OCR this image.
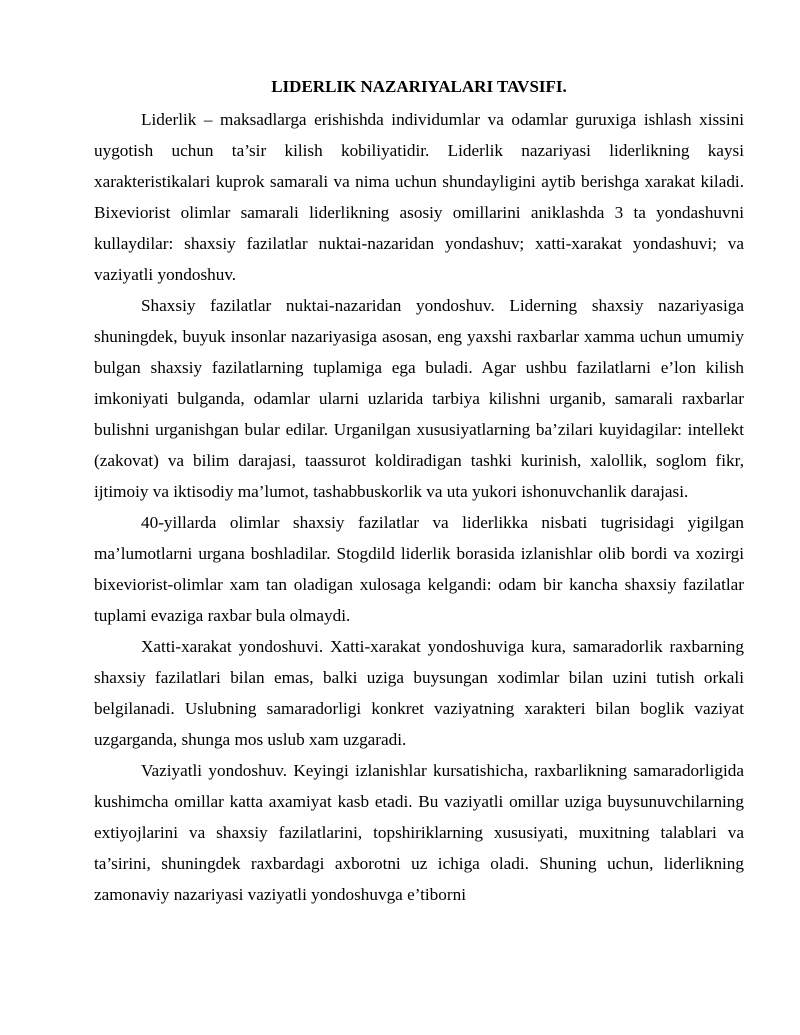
LIDERLIK NAZARIYALARI TAVSIFI.

Liderlik – maksadlarga erishishda individumlar va odamlar guruxiga ishlash xissini uygotish uchun ta’sir kilish kobiliyatidir. Liderlik nazariyasi liderlikning kaysi xarakteristikalari kuprok samarali va nima uchun shundayligini aytib berishga xarakat kiladi. Bixeviorist olimlar samarali liderlikning asosiy omillarini aniklashda 3 ta yondashuvni kullaydilar: shaxsiy fazilatlar nuktai-nazaridan yondashuv; xatti-xarakat yondashuvi; va vaziyatli yondoshuv.

Shaxsiy fazilatlar nuktai-nazaridan yondoshuv. Liderning shaxsiy nazariyasiga shuningdek, buyuk insonlar nazariyasiga asosan, eng yaxshi raxbarlar xamma uchun umumiy bulgan shaxsiy fazilatlarning tuplamiga ega buladi. Agar ushbu fazilatlarni e’lon kilish imkoniyati bulganda, odamlar ularni uzlarida tarbiya kilishni urganib, samarali raxbarlar bulishni urganishgan bular edilar. Urganilgan xususiyatlarning ba’zilari kuyidagilar: intellekt (zakovat) va bilim darajasi, taassurot koldiradigan tashki kurinish, xalollik, soglom fikr, ijtimoiy va iktisodiy ma’lumot, tashabbuskorlik va uta yukori ishonuvchanlik darajasi.

40-yillarda olimlar shaxsiy fazilatlar va liderlikka nisbati tugrisidagi yigilgan ma’lumotlarni urgana boshladilar. Stogdild liderlik borasida izlanishlar olib bordi va xozirgi bixeviorist-olimlar xam tan oladigan xulosaga kelgandi: odam bir kancha shaxsiy fazilatlar tuplami evaziga raxbar bula olmaydi.

Xatti-xarakat yondoshuvi. Xatti-xarakat yondoshuviga kura, samaradorlik raxbarning shaxsiy fazilatlari bilan emas, balki uziga buysungan xodimlar bilan uzini tutish orkali belgilanadi. Uslubning samaradorligi konkret vaziyatning xarakteri bilan boglik vaziyat uzgarganda, shunga mos uslub xam uzgaradi.

Vaziyatli yondoshuv. Keyingi izlanishlar kursatishicha, raxbarlikning samaradorligida kushimcha omillar katta axamiyat kasb etadi. Bu vaziyatli omillar uziga buysunuvchilarning extiyojlarini va shaxsiy fazilatlarini, topshiriklarning xususiyati, muxitning talablari va ta’sirini, shuningdek raxbardagi axborotni uz ichiga oladi. Shuning uchun, liderlikning zamonaviy nazariyasi vaziyatli yondoshuvga e’tiborni
